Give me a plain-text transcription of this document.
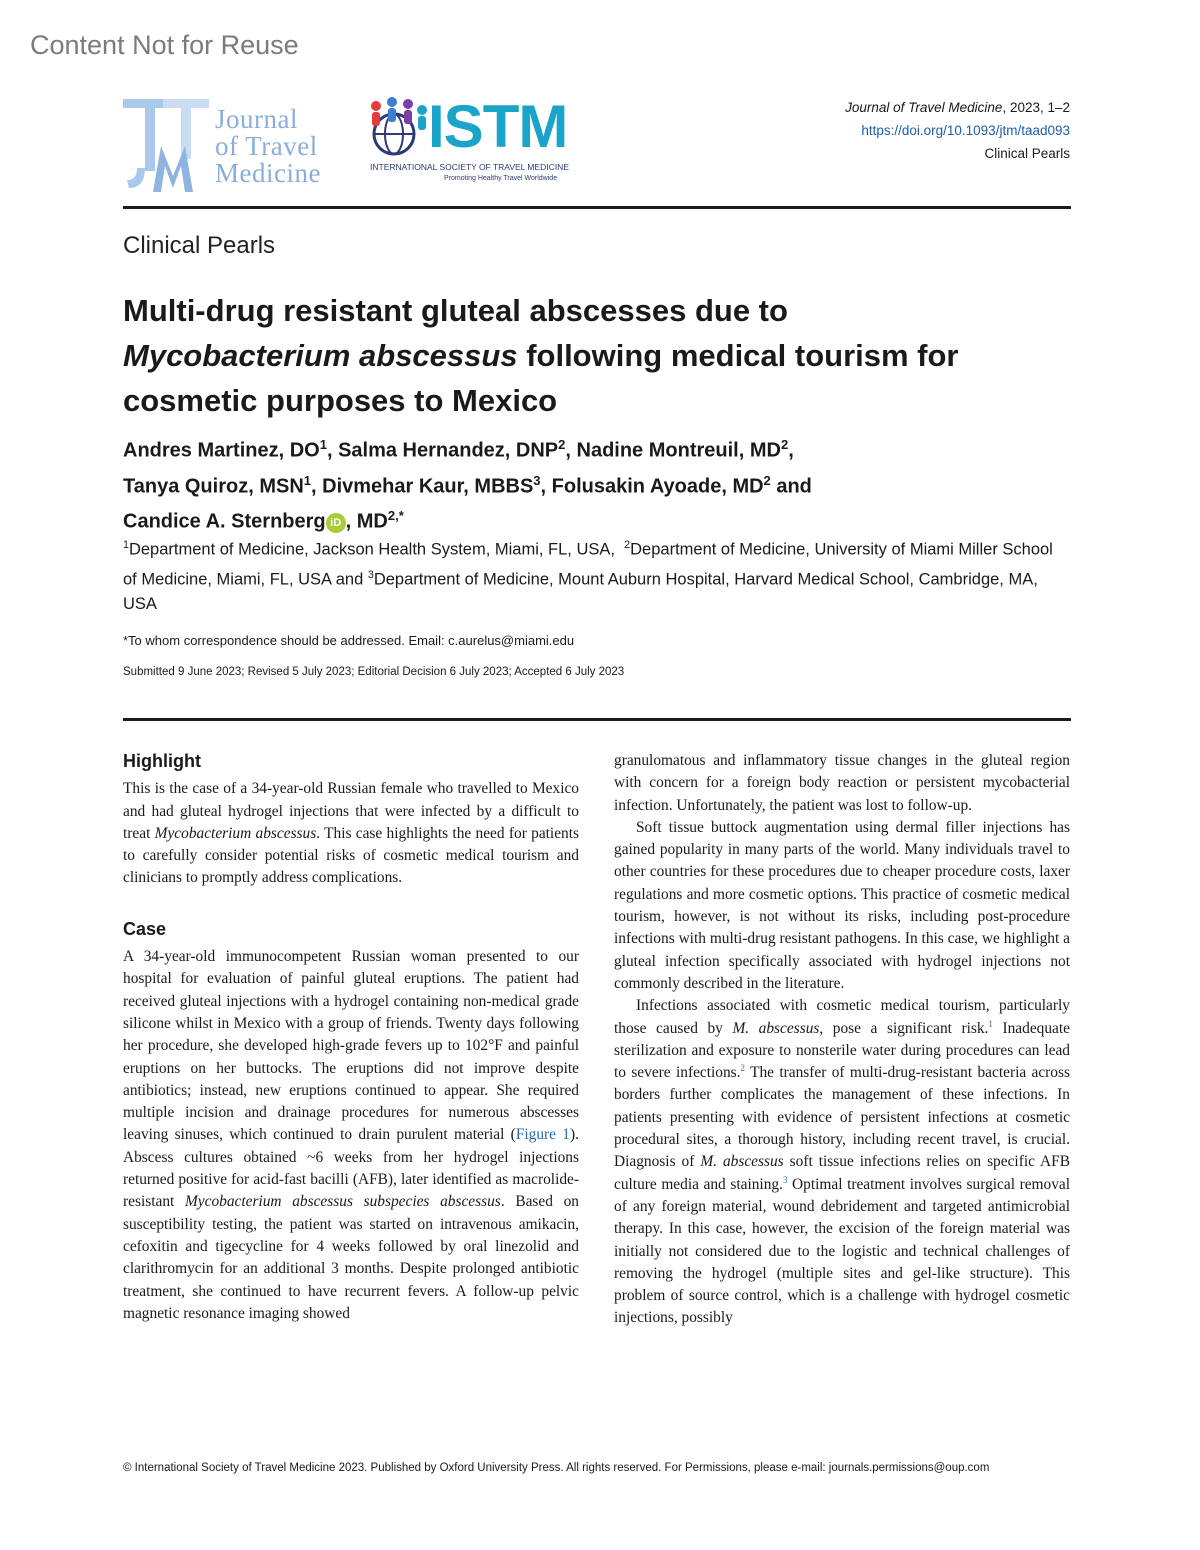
Content Not for Reuse
Journal
of Travel
Medicine
ISTM
INTERNATIONAL SOCIETY OF TRAVEL MEDICINE
Promoting Healthy Travel Worldwide
Journal of Travel Medicine, 2023, 1–2
https://doi.org/10.1093/jtm/taad093
Clinical Pearls
Clinical Pearls
Multi-drug resistant gluteal abscesses due to
Mycobacterium abscessus following medical tourism for cosmetic purposes to Mexico
Andres Martinez, $DO^1$, Salma Hernandez, DNP$^2$, Nadine Montreuil, $MD^2$,
Tanya Quiroz, MSN$^1$, Divmehar Kaur, MBBS$^3$, Folusakin Ayoade, $MD^2$ and
Candice A. Sternberg iD , $MD^{2,*}$
$^1$Department of Medicine, Jackson Health System, Miami, FL, USA, $^2$Department of Medicine, University of Miami Miller School of Medicine, Miami, FL, USA and $^3$Department of Medicine, Mount Auburn Hospital, Harvard Medical School, Cambridge, MA, USA
*To whom correspondence should be addressed. Email: c.aurelus@miami.edu
Submitted 9 June 2023; Revised 5 July 2023; Editorial Decision 6 July 2023; Accepted 6 July 2023
Highlight

This is the case of a 34-year-old Russian female who travelled to Mexico and had gluteal hydrogel injections that were infected by a difficult to treat Mycobacterium abscessus. This case highlights the need for patients to carefully consider potential risks of cosmetic medical tourism and clinicians to promptly address complications.

Case

A 34-year-old immunocompetent Russian woman presented to our hospital for evaluation of painful gluteal eruptions. The patient had received gluteal injections with a hydrogel containing non-medical grade silicone whilst in Mexico with a group of friends. Twenty days following her procedure, she developed high-grade fevers up to 102°F and painful eruptions on her buttocks. The eruptions did not improve despite antibiotics; instead, new eruptions continued to appear. She required multiple incision and drainage procedures for numerous abscesses leaving sinuses, which continued to drain purulent material (Figure 1). Abscess cultures obtained ~6 weeks from her hydrogel injections returned positive for acid-fast bacilli (AFB), later identified as macrolide-resistant Mycobacterium abscessus subspecies abscessus. Based on susceptibility testing, the patient was started on intravenous amikacin, cefoxitin and tigecycline for 4 weeks followed by oral linezolid and clarithromycin for an additional 3 months. Despite prolonged antibiotic treatment, she continued to have recurrent fevers. A follow-up pelvic magnetic resonance imaging showed

granulomatous and inflammatory tissue changes in the gluteal region with concern for a foreign body reaction or persistent mycobacterial infection. Unfortunately, the patient was lost to follow-up.

Soft tissue buttock augmentation using dermal filler injections has gained popularity in many parts of the world. Many individuals travel to other countries for these procedures due to cheaper procedure costs, laxer regulations and more cosmetic options. This practice of cosmetic medical tourism, however, is not without its risks, including post-procedure infections with multi-drug resistant pathogens. In this case, we highlight a gluteal infection specifically associated with hydrogel injections not commonly described in the literature.

Infections associated with cosmetic medical tourism, particularly those caused by M. abscessus, pose a significant risk.$^1$ Inadequate sterilization and exposure to nonsterile water during procedures can lead to severe infections.$^2$ The transfer of multi-drug-resistant bacteria across borders further complicates the management of these infections. In patients presenting with evidence of persistent infections at cosmetic procedural sites, a thorough history, including recent travel, is crucial. Diagnosis of M. abscessus soft tissue infections relies on specific AFB culture media and staining.$^3$ Optimal treatment involves surgical removal of any foreign material, wound debridement and targeted antimicrobial therapy. In this case, however, the excision of the foreign material was initially not considered due to the logistic and technical challenges of removing the hydrogel (multiple sites and gel-like structure). This problem of source control, which is a challenge with hydrogel cosmetic injections, possibly

© International Society of Travel Medicine 2023. Published by Oxford University Press. All rights reserved. For Permissions, please e-mail: journals.permissions@oup.com
